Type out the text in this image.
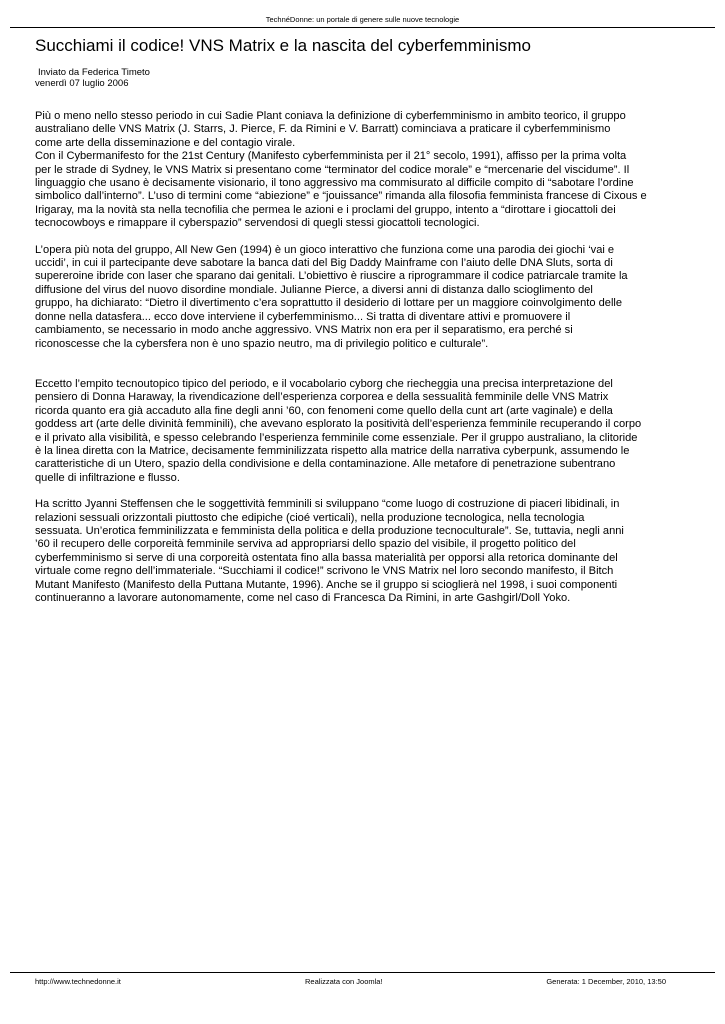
TechnéDonne: un portale di genere sulle nuove tecnologie
Succhiami il codice! VNS Matrix e la nascita del cyberfemminismo
Inviato da Federica Timeto
venerdì 07 luglio 2006

Più o meno nello stesso periodo in cui Sadie Plant coniava la definizione di cyberfemminismo in ambito teorico, il gruppo
australiano delle VNS Matrix (J. Starrs, J. Pierce, F. da Rimini e V. Barratt) cominciava a praticare il cyberfemminismo
come arte della disseminazione e del contagio virale.
Con il Cybermanifesto for the 21st Century (Manifesto cyberfemminista per il 21° secolo, 1991), affisso per la prima volta
per le strade di Sydney, le VNS Matrix si presentano come “terminator del codice morale” e “mercenarie del viscidume”. Il
linguaggio che usano è decisamente visionario, il tono aggressivo ma commisurato al difficile compito di “sabotare l’ordine
simbolico dall’interno”. L’uso di termini come “abiezione” e “jouissance” rimanda alla filosofia femminista francese di Cixous e
Irigaray, ma la novità sta nella tecnofilia che permea le azioni e i proclami del gruppo, intento a “dirottare i giocattoli dei
tecnocowboys e rimappare il cyberspazio” servendosi di quegli stessi giocattoli tecnologici.

L’opera più nota del gruppo, All New Gen (1994) è un gioco interattivo che funziona come una parodia dei giochi ‘vai e
uccidi’, in cui il partecipante deve sabotare la banca dati del Big Daddy Mainframe con l’aiuto delle DNA Sluts, sorta di
supereroine ibride con laser che sparano dai genitali. L’obiettivo è riuscire a riprogrammare il codice patriarcale tramite la
diffusione del virus del nuovo disordine mondiale. Julianne Pierce, a diversi anni di distanza dallo scioglimento del
gruppo, ha dichiarato: “Dietro il divertimento c’era soprattutto il desiderio di lottare per un maggiore coinvolgimento delle
donne nella datasfera... ecco dove interviene il cyberfemminismo... Si tratta di diventare attivi e promuovere il
cambiamento, se necessario in modo anche aggressivo. VNS Matrix non era per il separatismo, era perché si
riconoscesse che la cybersfera non è uno spazio neutro, ma di privilegio politico e culturale”.

Eccetto l’empito tecnoutopico tipico del periodo, e il vocabolario cyborg che riecheggia una precisa interpretazione del
pensiero di Donna Haraway, la rivendicazione dell’esperienza corporea e della sessualità femminile delle VNS Matrix
ricorda quanto era già accaduto alla fine degli anni ’60, con fenomeni come quello della cunt art (arte vaginale) e della
goddess art (arte delle divinità femminili), che avevano esplorato la positività dell’esperienza femminile recuperando il corpo
e il privato alla visibilità, e spesso celebrando l’esperienza femminile come essenziale. Per il gruppo australiano, la clitoride
è la linea diretta con la Matrice, decisamente femminilizzata rispetto alla matrice della narrativa cyberpunk, assumendo le
caratteristiche di un Utero, spazio della condivisione e della contaminazione. Alle metafore di penetrazione subentrano
quelle di infiltrazione e flusso.

Ha scritto Jyanni Steffensen che le soggettività femminili si sviluppano “come luogo di costruzione di piaceri libidinali, in
relazioni sessuali orizzontali piuttosto che edipiche (cioé verticali), nella produzione tecnologica, nella tecnologia
sessuata. Un’erotica femminilizzata e femminista della politica e della produzione tecnoculturale”. Se, tuttavia, negli anni
’60 il recupero delle corporeità femminile serviva ad appropriarsi dello spazio del visibile, il progetto politico del
cyberfemminismo si serve di una corporeità ostentata fino alla bassa materialità per opporsi alla retorica dominante del
virtuale come regno dell’immateriale. “Succhiami il codice!” scrivono le VNS Matrix nel loro secondo manifesto, il Bitch
Mutant Manifesto (Manifesto della Puttana Mutante, 1996). Anche se il gruppo si scioglierà nel 1998, i suoi componenti
continueranno a lavorare autonomamente, come nel caso di Francesca Da Rimini, in arte Gashgirl/Doll Yoko.

http://www.technedonne.it	Realizzata con Joomla!	Generata: 1 December, 2010, 13:50
